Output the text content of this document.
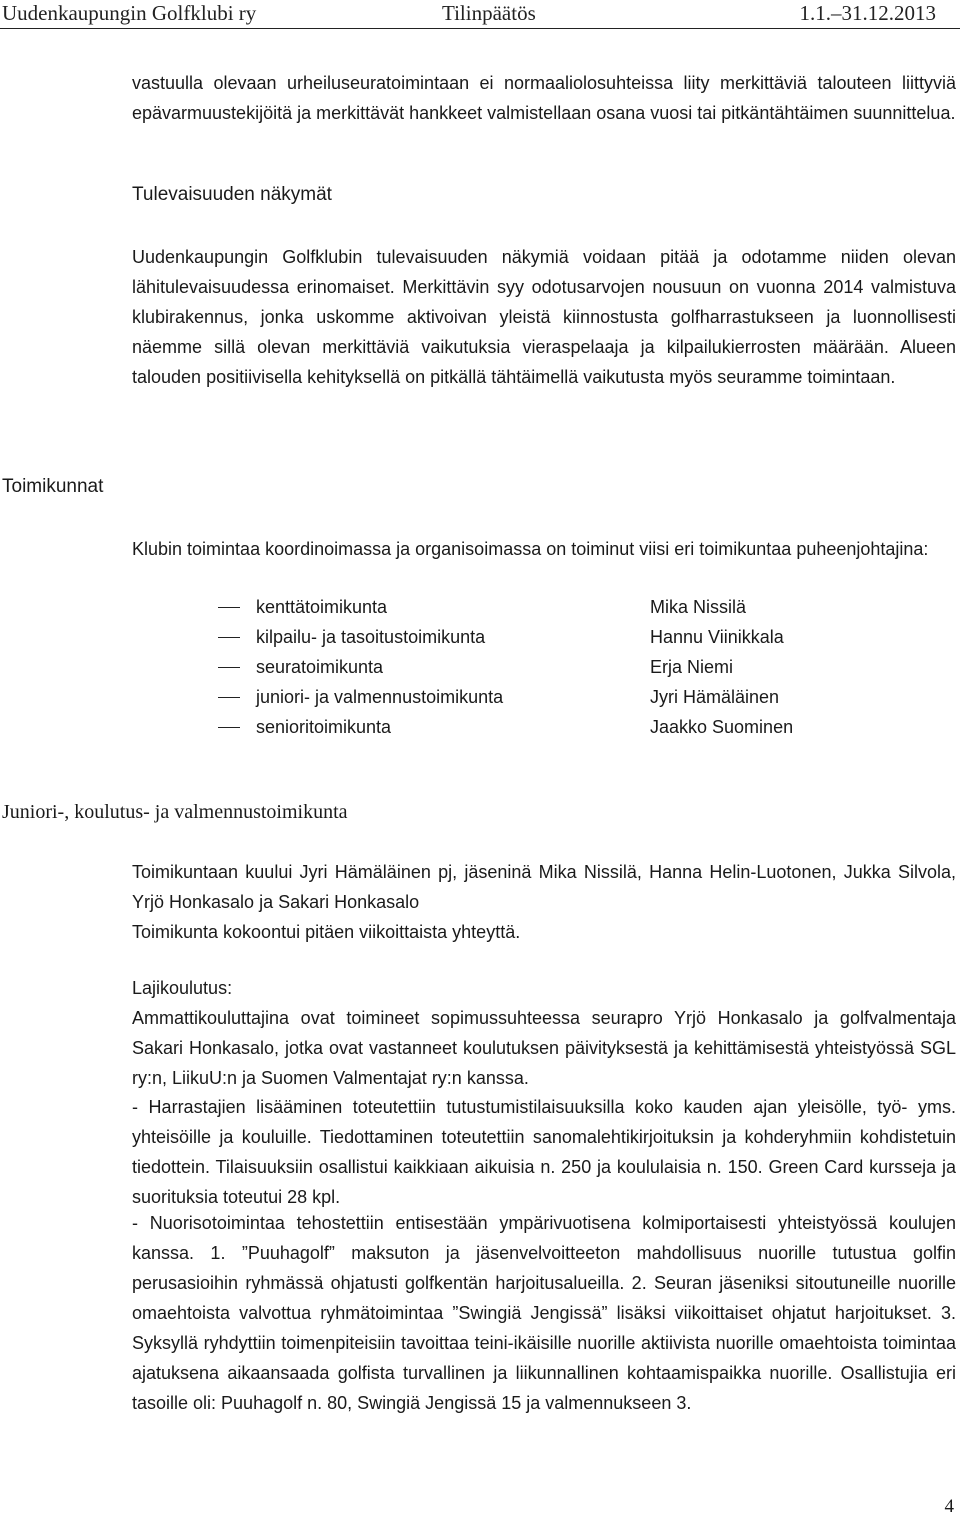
Uudenkaupungin Golfklubi ry	Tilinpäätös	1.1.–31.12.2013

vastuulla olevaan urheiluseuratoimintaan ei normaaliolosuhteissa liity merkittäviä talouteen liittyviä epävarmuustekijöitä ja merkittävät hankkeet valmistellaan osana vuosi tai pitkäntähtäimen suunnittelua.

Tulevaisuuden näkymät

Uudenkaupungin Golfklubin tulevaisuuden näkymiä voidaan pitää ja odotamme niiden olevan lähitulevaisuudessa erinomaiset. Merkittävin syy odotusarvojen nousuun on vuonna 2014 valmistuva klubirakennus, jonka uskomme aktivoivan yleistä kiinnostusta golfharrastukseen ja luonnollisesti näemme sillä olevan merkittäviä vaikutuksia vieraspelaaja ja kilpailukierrosten määrään. Alueen talouden positiivisella kehityksellä on pitkällä tähtäimellä vaikutusta myös seuramme toimintaan.

Toimikunnat

Klubin toimintaa koordinoimassa ja organisoimassa on toiminut viisi eri toimikuntaa puheenjohtajina:

kenttätoimikunta	Mika Nissilä
kilpailu- ja tasoitustoimikunta	Hannu Viinikkala
seuratoimikunta	Erja Niemi
juniori- ja valmennustoimikunta	Jyri Hämäläinen
senioritoimikunta	Jaakko Suominen
Juniori-, koulutus- ja valmennustoimikunta

Toimikuntaan kuului Jyri Hämäläinen pj, jäseninä Mika Nissilä, Hanna Helin-Luotonen, Jukka Silvola, Yrjö Honkasalo ja Sakari Honkasalo

Toimikunta kokoontui pitäen viikoittaista yhteyttä.

Lajikoulutus:

Ammattikouluttajina ovat toimineet sopimussuhteessa seurapro Yrjö Honkasalo ja golfvalmentaja Sakari Honkasalo, jotka ovat vastanneet koulutuksen päivityksestä ja kehittämisestä yhteistyössä SGL ry:n, LiikuU:n ja Suomen Valmentajat ry:n kanssa.

- Harrastajien lisääminen toteutettiin tutustumistilaisuuksilla koko kauden ajan yleisölle, työ- yms. yhteisöille ja kouluille. Tiedottaminen toteutettiin sanomalehtikirjoituksin ja kohderyhmiin kohdistetuin tiedottein. Tilaisuuksiin osallistui kaikkiaan aikuisia n. 250 ja koululaisia n. 150. Green Card kursseja ja suorituksia toteutui 28 kpl.

- Nuorisotoimintaa tehostettiin entisestään ympärivuotisena kolmiportaisesti yhteistyössä koulujen kanssa. 1. ”Puuhagolf” maksuton ja jäsenvelvoitteeton mahdollisuus nuorille tutustua golfin perusasioihin ryhmässä ohjatusti golfkentän harjoitusalueilla. 2. Seuran jäseniksi sitoutuneille nuorille omaehtoista valvottua ryhmätoimintaa ”Swingiä Jengissä” lisäksi viikoittaiset ohjatut harjoitukset. 3. Syksyllä ryhdyttiin toimenpiteisiin tavoittaa teini-ikäisille nuorille aktiivista nuorille omaehtoista toimintaa ajatuksena aikaansaada golfista turvallinen ja liikunnallinen kohtaamispaikka nuorille. Osallistujia eri tasoille oli: Puuhagolf n. 80, Swingiä Jengissä 15 ja valmennukseen 3.

4
